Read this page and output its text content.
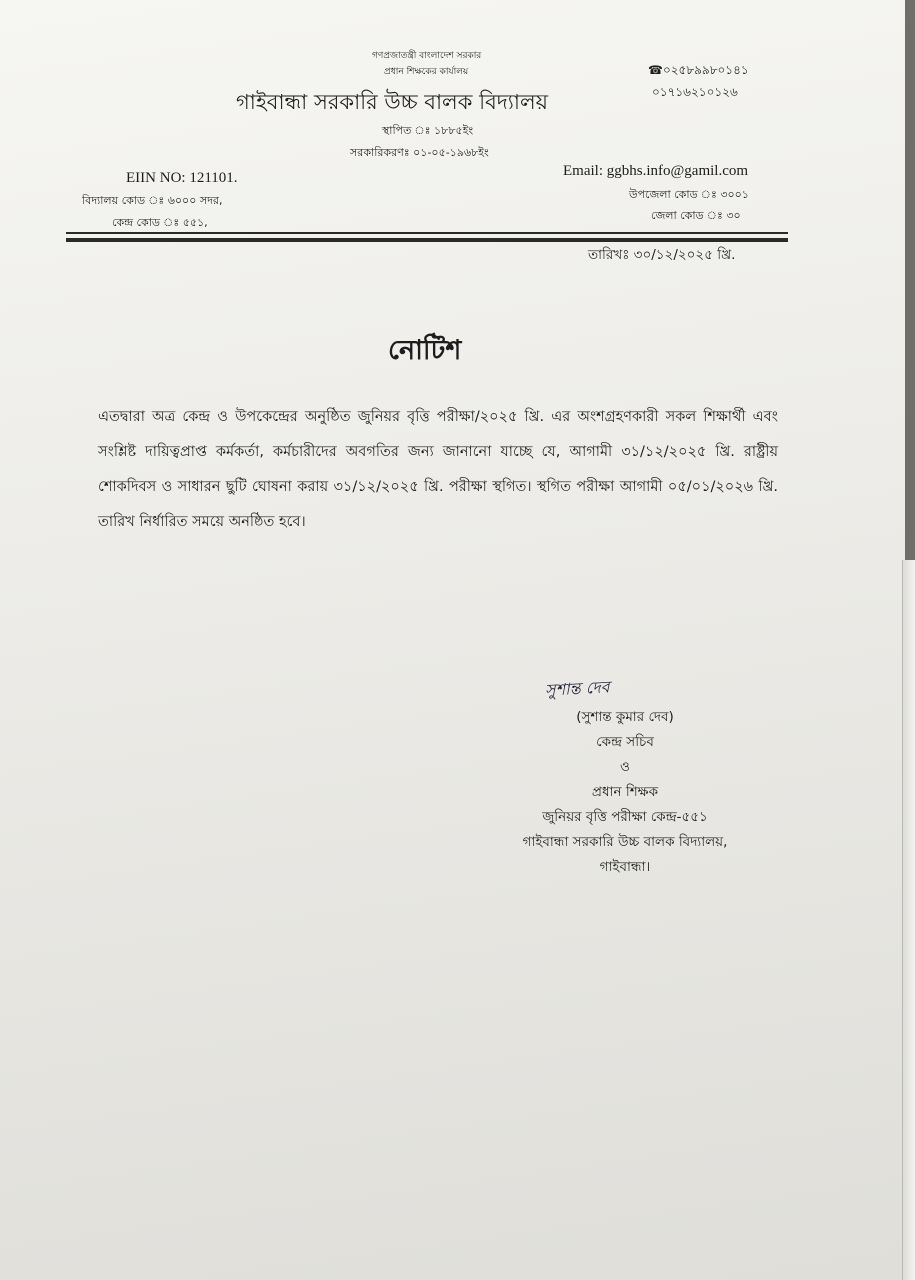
গণপ্রজাতন্ত্রী বাংলাদেশ সরকার
প্রধান শিক্ষকের কার্যালয়
গাইবান্ধা সরকারি উচ্চ বালক বিদ্যালয়
স্থাপিত ঃ ১৮৮৫ইং
সরকারিকরণঃ ০১-০৫-১৯৬৮ইং
☎০২৫৮৯৯৮০১৪১
০১৭১৬২১০১২৬
EIIN NO: 121101.
বিদ্যালয় কোড ঃ ৬০০০ সদর,
কেন্দ্র কোড ঃ ৫৫১,
Email: ggbhs.info@gamil.com
উপজেলা কোড ঃ ৩০০১
জেলা কোড ঃ ৩০
তারিখঃ ৩০/১২/২০২৫ খ্রি.
নোটিশ
এতদ্বারা অত্র কেন্দ্র ও উপকেন্দ্রের অনুষ্ঠিত জুনিয়র বৃত্তি পরীক্ষা/২০২৫ খ্রি. এর অংশগ্রহণকারী সকল শিক্ষার্থী এবং সংশ্লিষ্ট দায়িত্বপ্রাপ্ত কর্মকর্তা, কর্মচারীদের অবগতির জন্য জানানো যাচ্ছে যে, আগামী ৩১/১২/২০২৫ খ্রি. রাষ্ট্রীয় শোকদিবস ও সাধারন ছুটি ঘোষনা করায় ৩১/১২/২০২৫ খ্রি. পরীক্ষা স্থগিত। স্থগিত পরীক্ষা আগামী ০৫/০১/২০২৬ খ্রি. তারিখ নির্ধারিত সময়ে অনষ্ঠিত হবে।
সুশান্ত দেব
(সুশান্ত কুমার দেব)
কেন্দ্র সচিব
ও
প্রধান শিক্ষক
জুনিয়র বৃত্তি পরীক্ষা কেন্দ্র-৫৫১
গাইবান্ধা সরকারি উচ্চ বালক বিদ্যালয়,
গাইবান্ধা।
